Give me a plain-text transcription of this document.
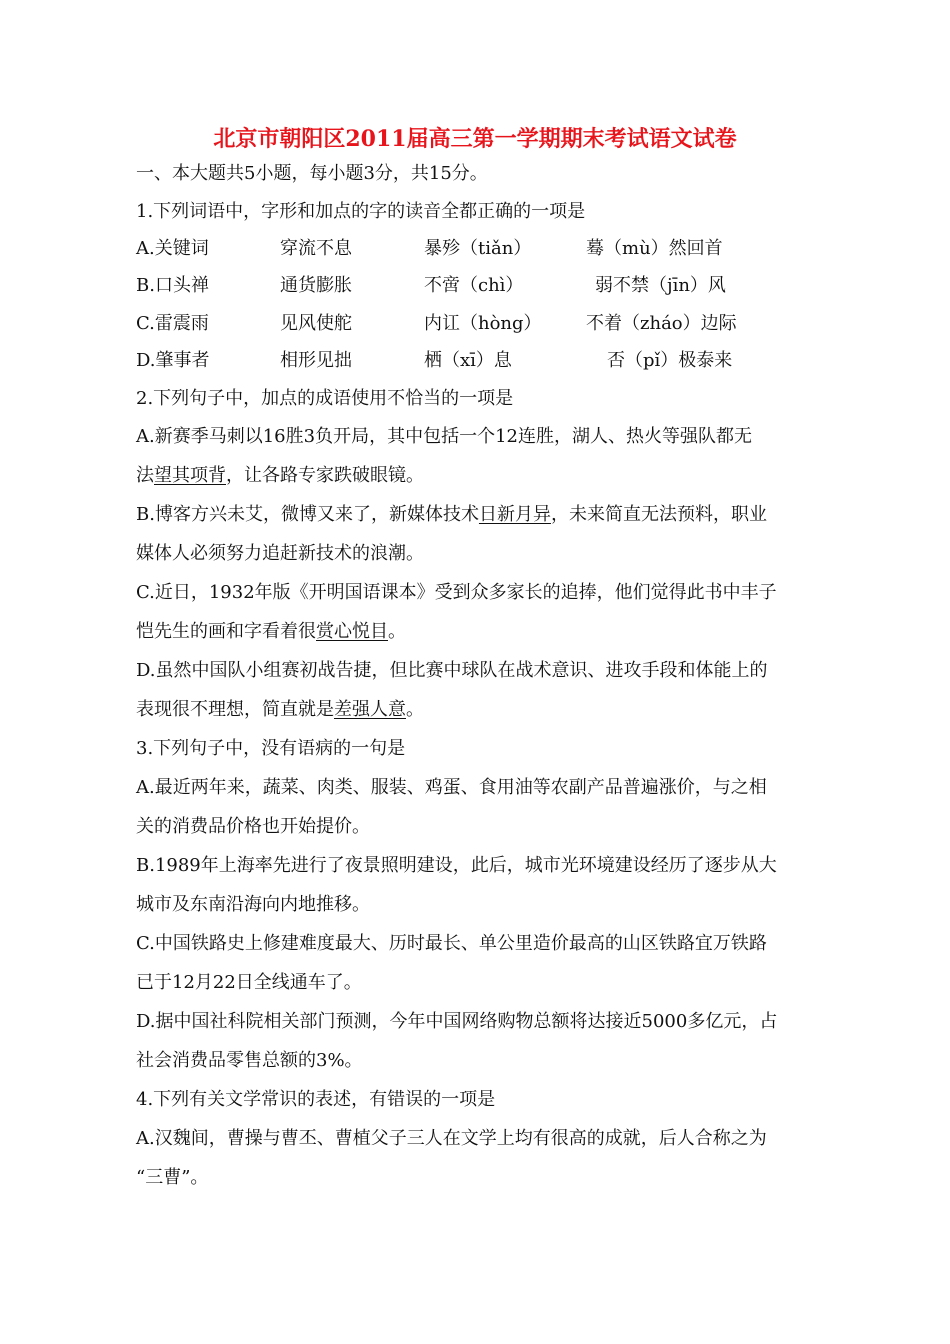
北京市朝阳区2011届高三第一学期期末考试语文试卷
一、本大题共5小题，每小题3分，共15分。
1.下列词语中，字形和加点的字的读音全都正确的一项是
A.关键词	穿流不息	暴殄（tiǎn）	蓦（mù）然回首
B.口头禅	通货膨胀	不啻（chì）	弱不禁（jīn）风
C.雷震雨	见风使舵	内讧（hòng） 不着（zháo）边际
D.肇事者	相形见拙	栖（xī）息	否（pǐ）极泰来
2.下列句子中，加点的成语使用不恰当的一项是
A.新赛季马刺以16胜3负开局，其中包括一个12连胜，湖人、热火等强队都无
法望其项背，让各路专家跌破眼镜。
B.博客方兴未艾，微博又来了，新媒体技术日新月异，未来简直无法预料，职业
媒体人必须努力追赶新技术的浪潮。
C.近日，1932年版《开明国语课本》受到众多家长的追捧，他们觉得此书中丰子
恺先生的画和字看着很赏心悦目。
D.虽然中国队小组赛初战告捷，但比赛中球队在战术意识、进攻手段和体能上的
表现很不理想，简直就是差强人意。
3.下列句子中，没有语病的一句是
A.最近两年来，蔬菜、肉类、服装、鸡蛋、食用油等农副产品普遍涨价，与之相
关的消费品价格也开始提价。
B.1989年上海率先进行了夜景照明建设，此后，城市光环境建设经历了逐步从大
城市及东南沿海向内地推移。
C.中国铁路史上修建难度最大、历时最长、单公里造价最高的山区铁路宜万铁路
已于12月22日全线通车了。
D.据中国社科院相关部门预测，今年中国网络购物总额将达接近5000多亿元，占
社会消费品零售总额的3%。
4.下列有关文学常识的表述，有错误的一项是
A.汉魏间，曹操与曹丕、曹植父子三人在文学上均有很高的成就，后人合称之为
“三曹”。
